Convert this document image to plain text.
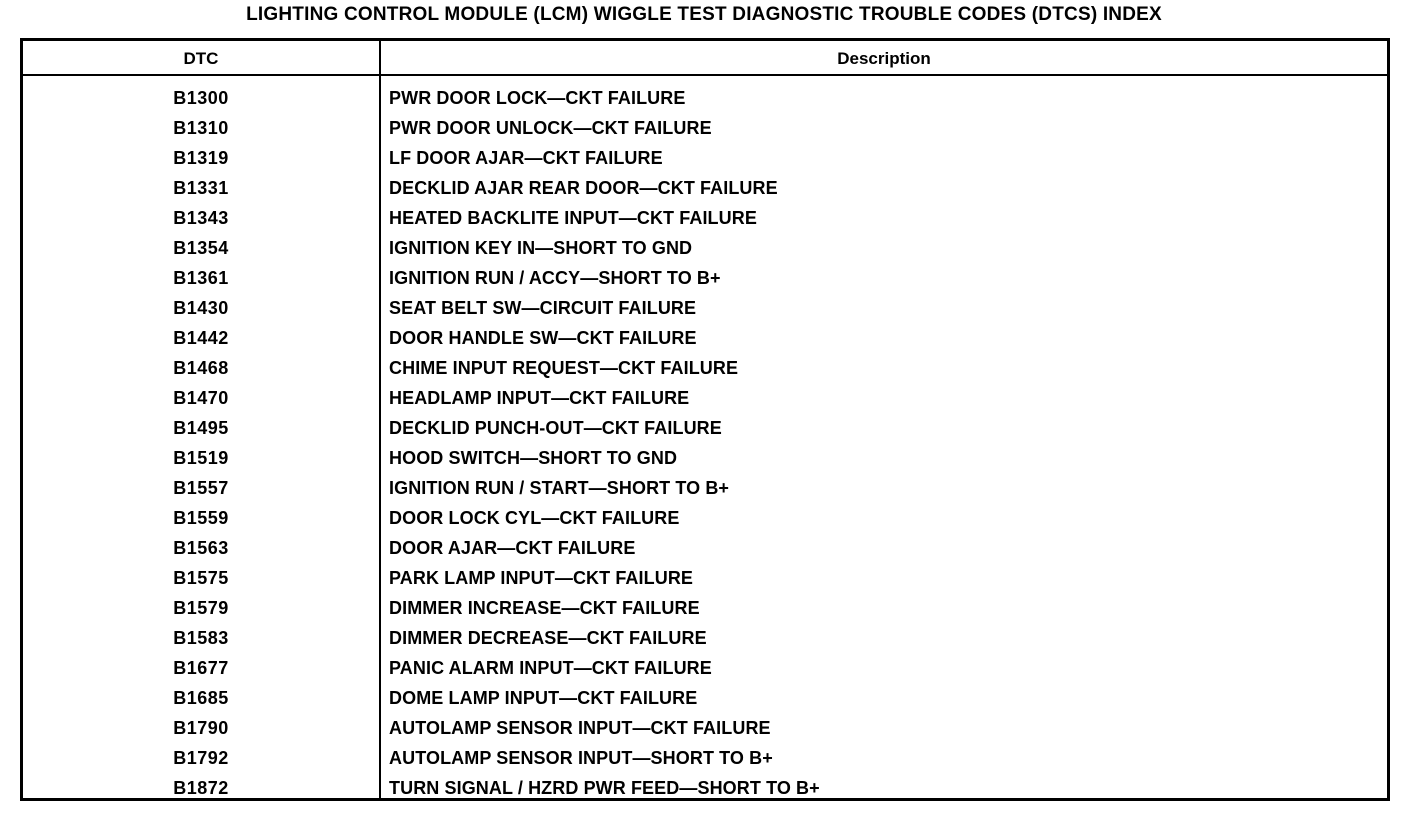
LIGHTING CONTROL MODULE (LCM) WIGGLE TEST DIAGNOSTIC TROUBLE CODES (DTCS) INDEX
DTC	Description
B1300	PWR DOOR LOCK—CKT FAILURE
B1310	PWR DOOR UNLOCK—CKT FAILURE
B1319	LF DOOR AJAR—CKT FAILURE
B1331	DECKLID AJAR REAR DOOR—CKT FAILURE
B1343	HEATED BACKLITE INPUT—CKT FAILURE
B1354	IGNITION KEY IN—SHORT TO GND
B1361	IGNITION RUN / ACCY—SHORT TO B+
B1430	SEAT BELT SW—CIRCUIT FAILURE
B1442	DOOR HANDLE SW—CKT FAILURE
B1468	CHIME INPUT REQUEST—CKT FAILURE
B1470	HEADLAMP INPUT—CKT FAILURE
B1495	DECKLID PUNCH-OUT—CKT FAILURE
B1519	HOOD SWITCH—SHORT TO GND
B1557	IGNITION RUN / START—SHORT TO B+
B1559	DOOR LOCK CYL—CKT FAILURE
B1563	DOOR AJAR—CKT FAILURE
B1575	PARK LAMP INPUT—CKT FAILURE
B1579	DIMMER INCREASE—CKT FAILURE
B1583	DIMMER DECREASE—CKT FAILURE
B1677	PANIC ALARM INPUT—CKT FAILURE
B1685	DOME LAMP INPUT—CKT FAILURE
B1790	AUTOLAMP SENSOR INPUT—CKT FAILURE
B1792	AUTOLAMP SENSOR INPUT—SHORT TO B+
B1872	TURN SIGNAL / HZRD PWR FEED—SHORT TO B+
